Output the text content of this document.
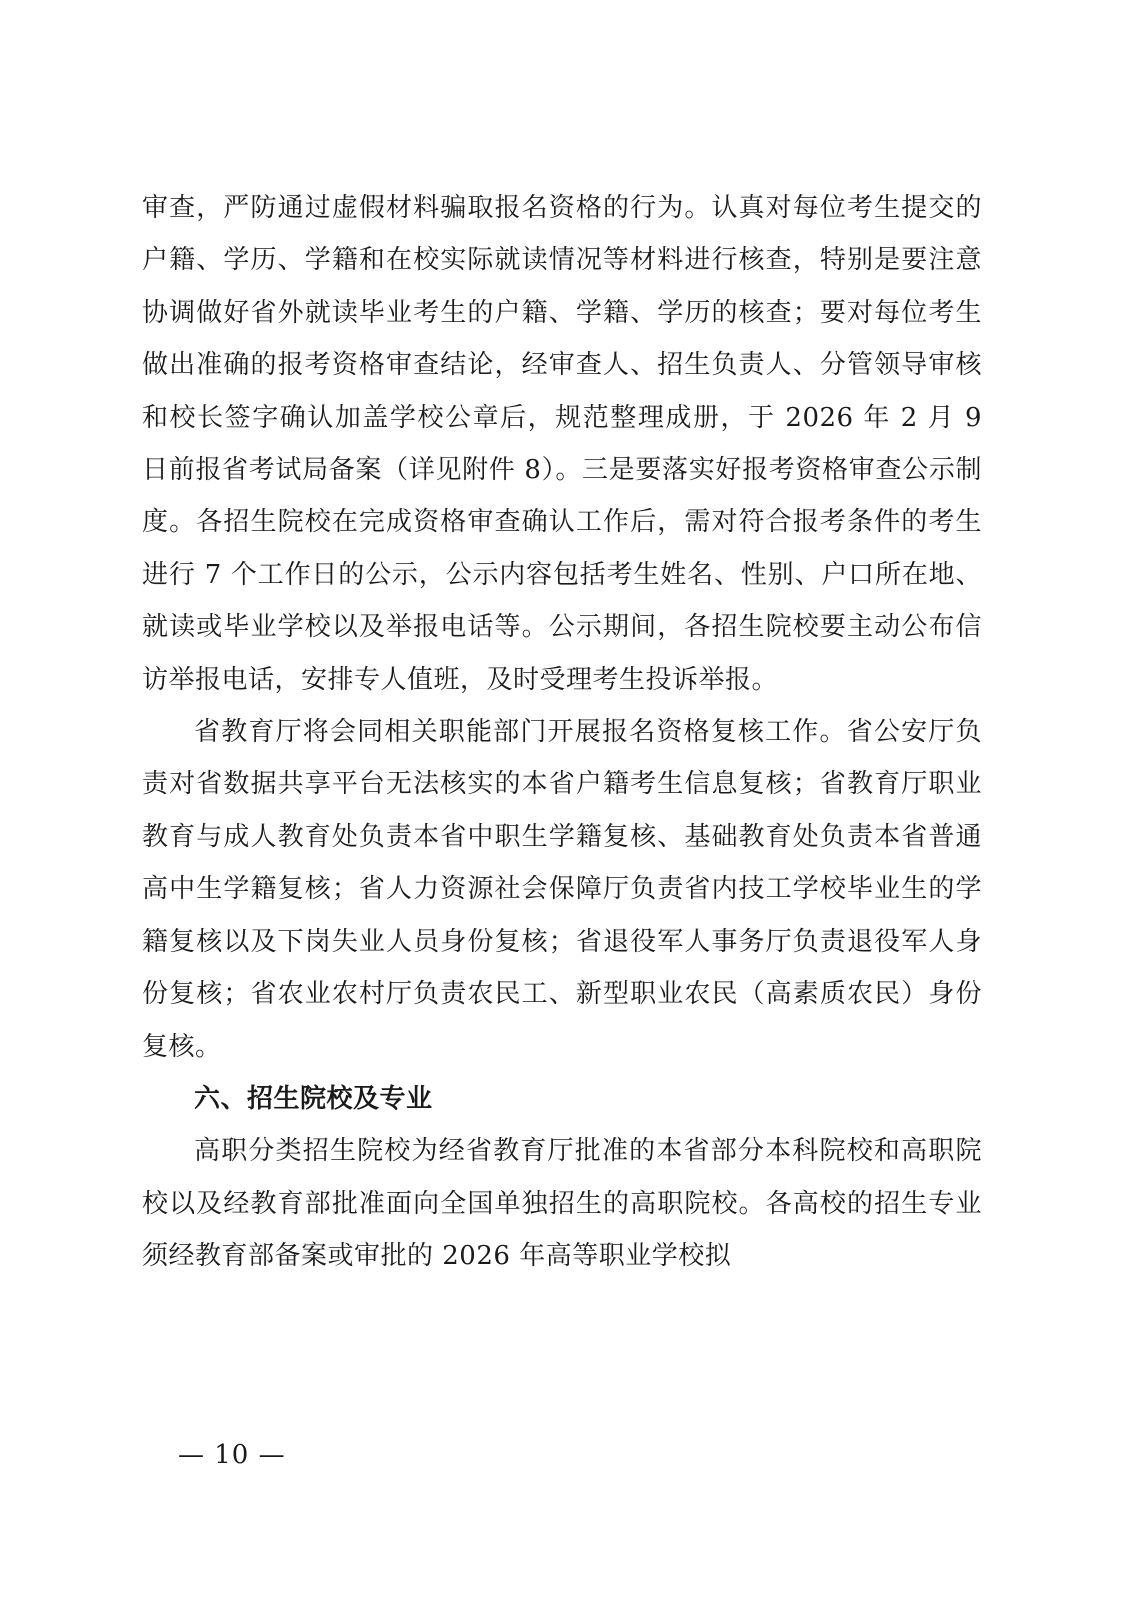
审查，严防通过虚假材料骗取报名资格的行为。认真对每位考生提交的户籍、学历、学籍和在校实际就读情况等材料进行核查，特别是要注意协调做好省外就读毕业考生的户籍、学籍、学历的核查；要对每位考生做出准确的报考资格审查结论，经审查人、招生负责人、分管领导审核和校长签字确认加盖学校公章后，规范整理成册，于 2026 年 2 月 9 日前报省考试局备案（详见附件 8）。三是要落实好报考资格审查公示制度。各招生院校在完成资格审查确认工作后，需对符合报考条件的考生进行 7 个工作日的公示，公示内容包括考生姓名、性别、户口所在地、就读或毕业学校以及举报电话等。公示期间，各招生院校要主动公布信访举报电话，安排专人值班，及时受理考生投诉举报。

省教育厅将会同相关职能部门开展报名资格复核工作。省公安厅负责对省数据共享平台无法核实的本省户籍考生信息复核；省教育厅职业教育与成人教育处负责本省中职生学籍复核、基础教育处负责本省普通高中生学籍复核；省人力资源社会保障厅负责省内技工学校毕业生的学籍复核以及下岗失业人员身份复核；省退役军人事务厅负责退役军人身份复核；省农业农村厅负责农民工、新型职业农民（高素质农民）身份复核。

六、招生院校及专业

高职分类招生院校为经省教育厅批准的本省部分本科院校和高职院校以及经教育部批准面向全国单独招生的高职院校。各高校的招生专业须经教育部备案或审批的 2026 年高等职业学校拟

— 10 —
